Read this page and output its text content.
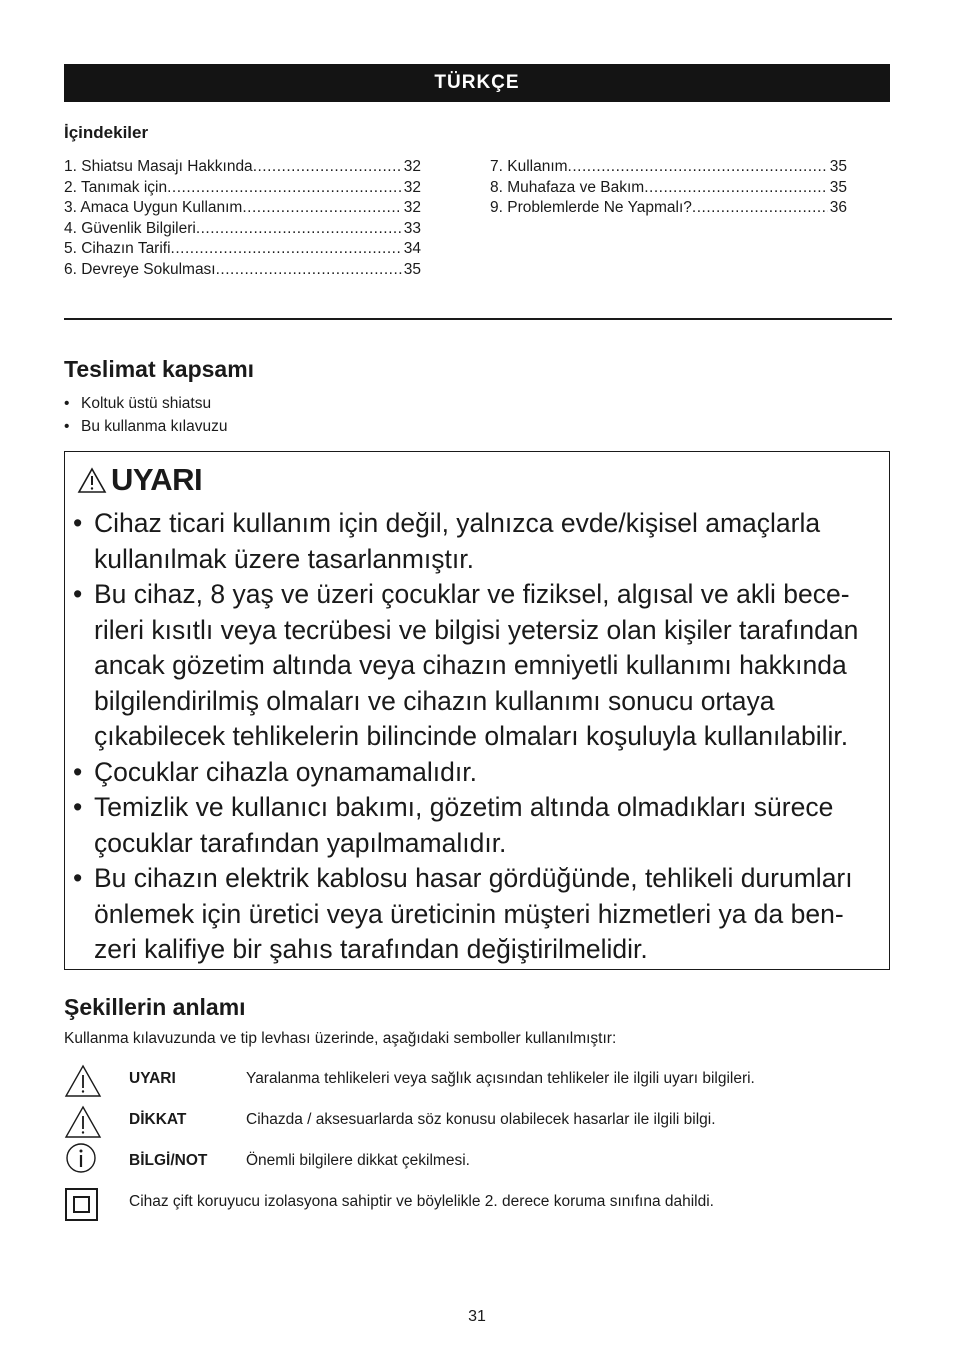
TÜRKÇE
İçindekiler
1. Shiatsu Masajı Hakkında .....	32
2. Tanımak için .....	32
3. Amaca Uygun Kullanım .....	32
4. Güvenlik Bilgileri .....	33
5. Cihazın Tarifi .....	34
6. Devreye Sokulması .....	35
7. Kullanım .....	35
8. Muhafaza ve Bakım .....	35
9. Problemlerde Ne Yapmalı? .....	36
Teslimat kapsamı
• Koltuk üstü shiatsu
• Bu kullanma kılavuzu
UYARI
• Cihaz ticari kullanım için değil, yalnızca evde/kişisel amaçlarla kullanılmak üzere tasarlanmıştır.
• Bu cihaz, 8 yaş ve üzeri çocuklar ve fiziksel, algısal ve akli bece-rileri kısıtlı veya tecrübesi ve bilgisi yetersiz olan kişiler tarafından ancak gözetim altında veya cihazın emniyetli kullanımı hakkında bilgilendirilmiş olmaları ve cihazın kullanımı sonucu ortaya çıkabilecek tehlikelerin bilincinde olmaları koşuluyla kullanılabilir.
• Çocuklar cihazla oynamamalıdır.
• Temizlik ve kullanıcı bakımı, gözetim altında olmadıkları sürece çocuklar tarafından yapılmamalıdır.
• Bu cihazın elektrik kablosu hasar gördüğünde, tehlikeli durumları önlemek için üretici veya üreticinin müşteri hizmetleri ya da ben-zeri kalifiye bir şahıs tarafından değiştirilmelidir.
Şekillerin anlamı
Kullanma kılavuzunda ve tip levhası üzerinde, aşağıdaki semboller kullanılmıştır:
UYARI	Yaralanma tehlikeleri veya sağlık açısından tehlikeler ile ilgili uyarı bilgileri.
DİKKAT	Cihazda / aksesuarlarda söz konusu olabilecek hasarlar ile ilgili bilgi.
BİLGİ/NOT Önemli bilgilere dikkat çekilmesi.
Cihaz çift koruyucu izolasyona sahiptir ve böylelikle 2. derece koruma sınıfına dahildi.
31
